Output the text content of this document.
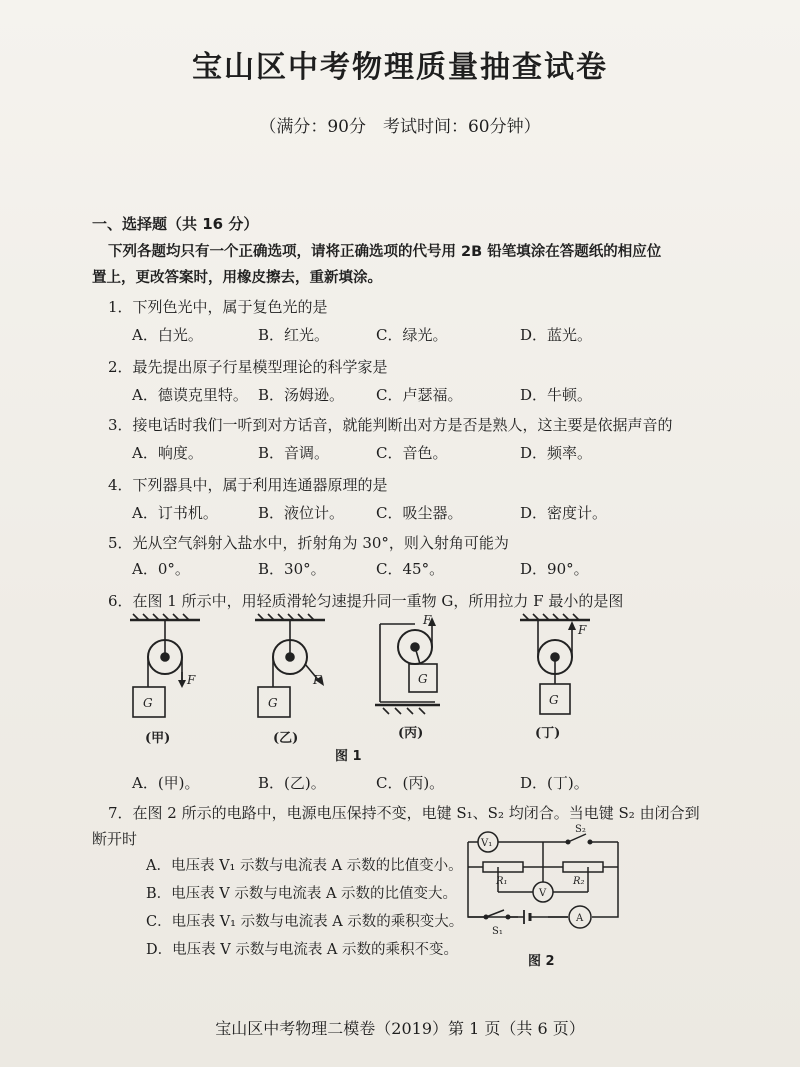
宝山区中考物理质量抽查试卷
（满分：90分　考试时间：60分钟）
一、选择题（共 16 分）
下列各题均只有一个正确选项，请将正确选项的代号用 2B 铅笔填涂在答题纸的相应位
置上，更改答案时，用橡皮擦去，重新填涂。
1．下列色光中，属于复色光的是
A．白光。	B．红光。	C．绿光。	D．蓝光。
2．最先提出原子行星模型理论的科学家是
A．德谟克里特。 B．汤姆逊。 C．卢瑟福。	D．牛顿。
3．接电话时我们一听到对方话音，就能判断出对方是否是熟人，这主要是依据声音的
A．响度。	B．音调。	C．音色。	D．频率。
4．下列器具中，属于利用连通器原理的是
A．订书机。	B．液位计。 C．吸尘器。	D．密度计。
5．光从空气斜射入盐水中，折射角为 30°，则入射角可能为
A．0°。	B．30°。	C．45°。	D．90°。
6．在图 1 所示中，用轻质滑轮匀速提升同一重物 G，所用拉力 F 最小的是图
G
F
G
F	G
F
G
F
(甲)	(乙)	(丙)	(丁)
图 1
A．(甲)。	B．(乙)。	C．(丙)。	D．(丁)。
7．在图 2 所示的电路中，电源电压保持不变，电键 S₁、S₂ 均闭合。当电键 S₂ 由闭合到
断开时
A．电压表 V₁ 示数与电流表 A 示数的比值变小。
B．电压表 V 示数与电流表 A 示数的比值变大。
C．电压表 V₁ 示数与电流表 A 示数的乘积变大。
D．电压表 V 示数与电流表 A 示数的乘积不变。
V₁
S₂
R₁	R₂
V
A
S₁
图 2
宝山区中考物理二模卷（2019）第 1 页（共 6 页）
